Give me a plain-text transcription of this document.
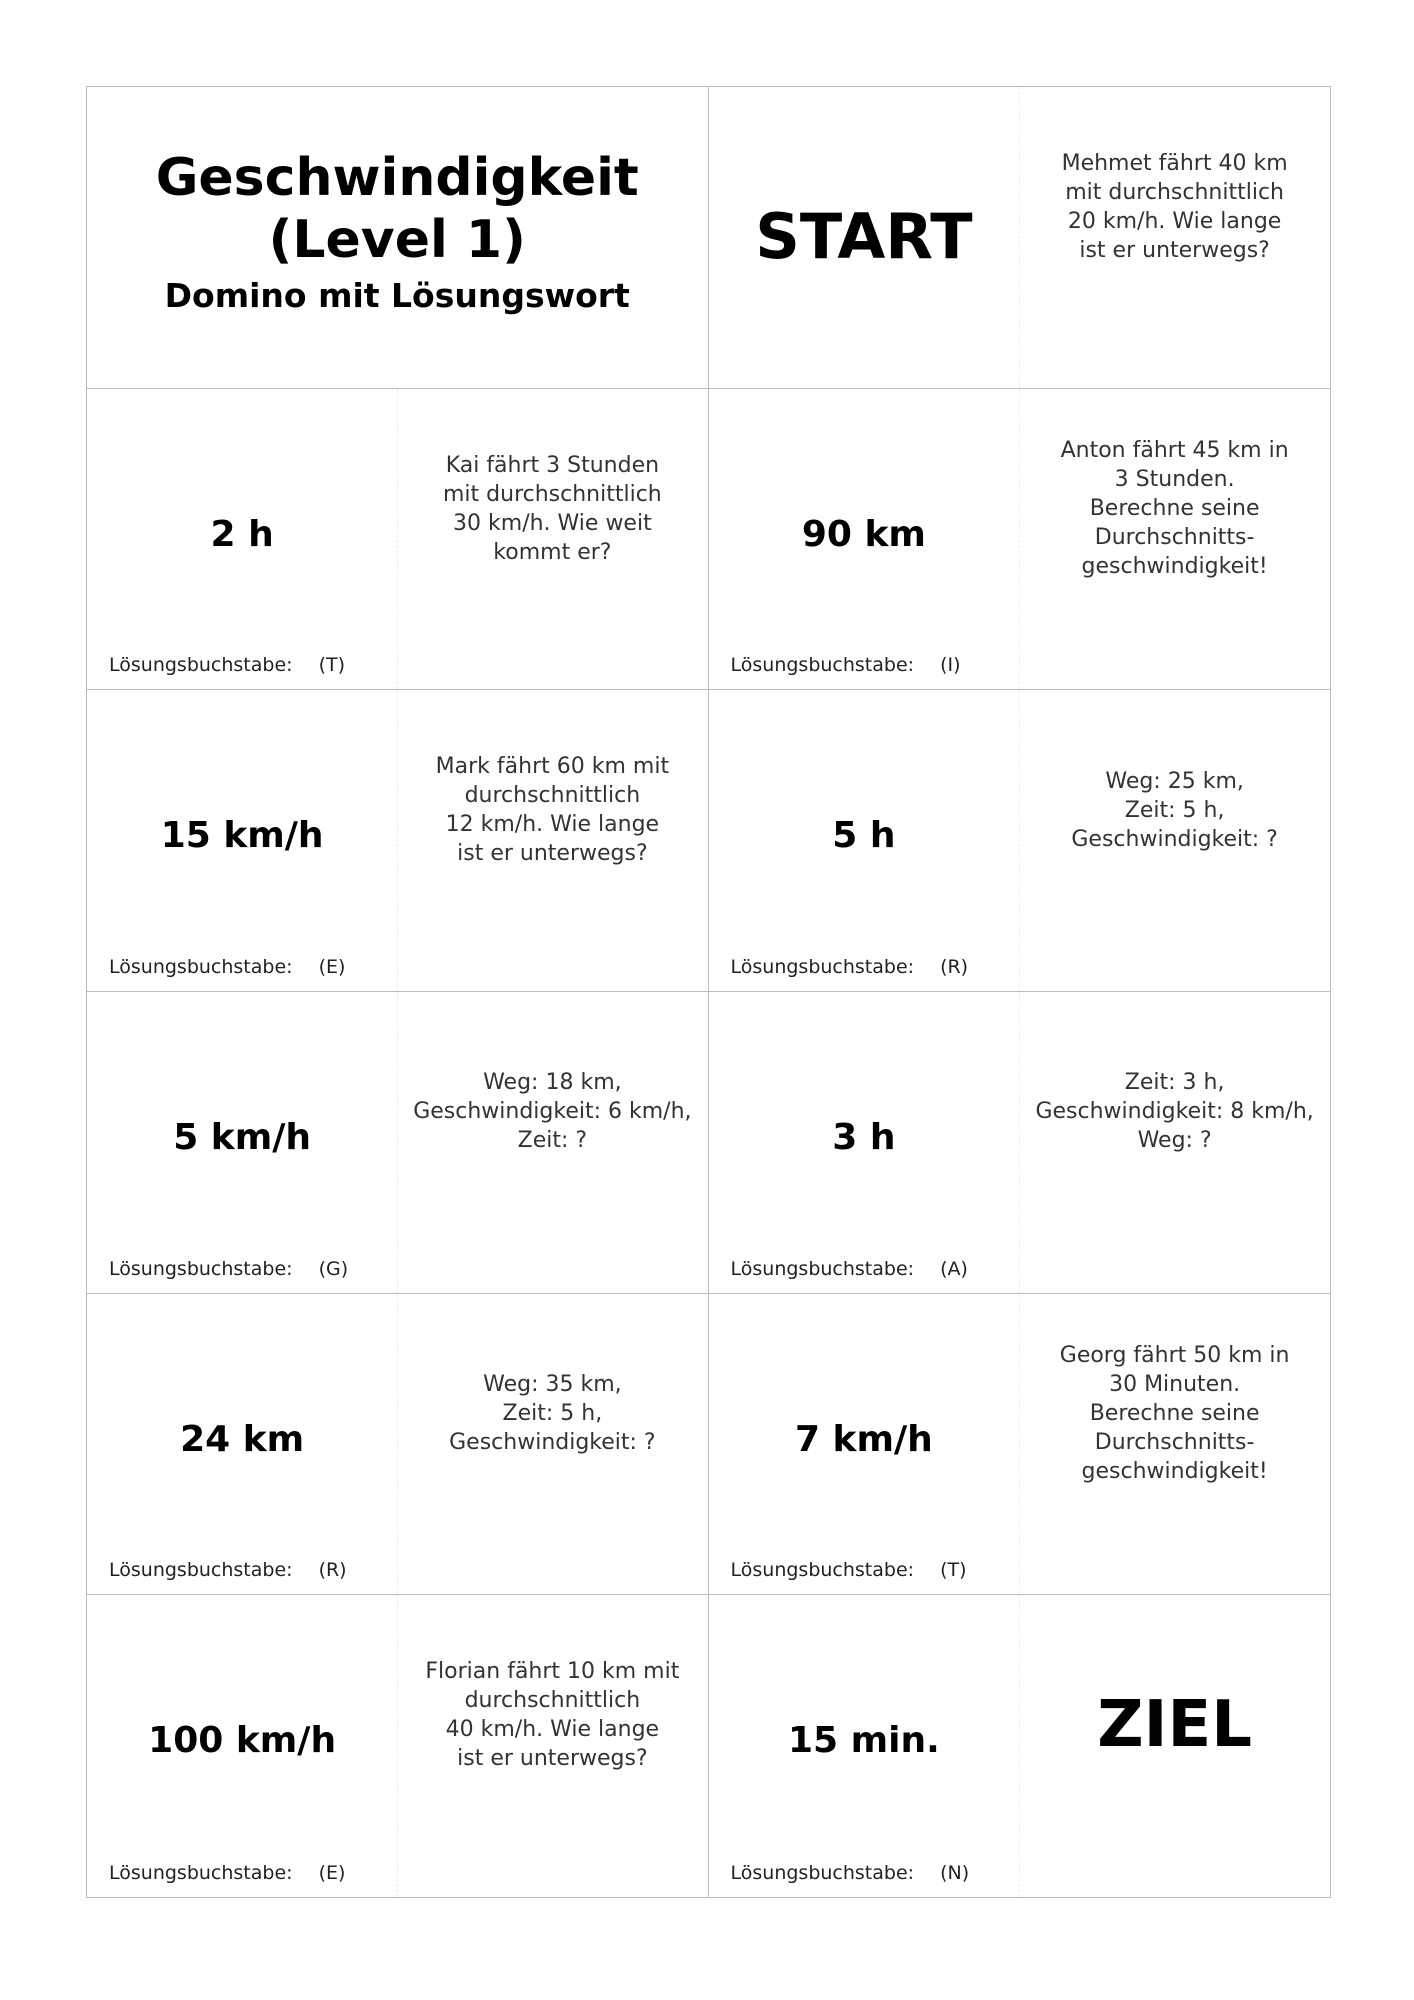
Geschwindigkeit
(Level 1)
Domino mit Lösungswort
START
Mehmet fährt 40 km
mit durchschnittlich
20 km/h. Wie lange
ist er unterwegs?
2 h
Kai fährt 3 Stunden
mit durchschnittlich
30 km/h. Wie weit
kommt er?
Lösungsbuchstabe: (T)
90 km
Anton fährt 45 km in
3 Stunden.
Berechne seine
Durchschnitts-
geschwindigkeit!
Lösungsbuchstabe: (I)
15 km/h
Mark fährt 60 km mit
durchschnittlich
12 km/h. Wie lange
ist er unterwegs?
Lösungsbuchstabe: (E)
5 h
Weg: 25 km,
Zeit: 5 h,
Geschwindigkeit: ?
Lösungsbuchstabe: (R)
5 km/h
Weg: 18 km,
Geschwindigkeit: 6 km/h,
Zeit: ?
Lösungsbuchstabe: (G)
3 h
Zeit: 3 h,
Geschwindigkeit: 8 km/h,
Weg: ?
Lösungsbuchstabe: (A)
24 km
Weg: 35 km,
Zeit: 5 h,
Geschwindigkeit: ?
Lösungsbuchstabe: (R)
7 km/h
Georg fährt 50 km in
30 Minuten.
Berechne seine
Durchschnitts-
geschwindigkeit!
Lösungsbuchstabe: (T)
100 km/h
Florian fährt 10 km mit
durchschnittlich
40 km/h. Wie lange
ist er unterwegs?
Lösungsbuchstabe: (E)
15 min.	ZIEL
Lösungsbuchstabe: (N)
